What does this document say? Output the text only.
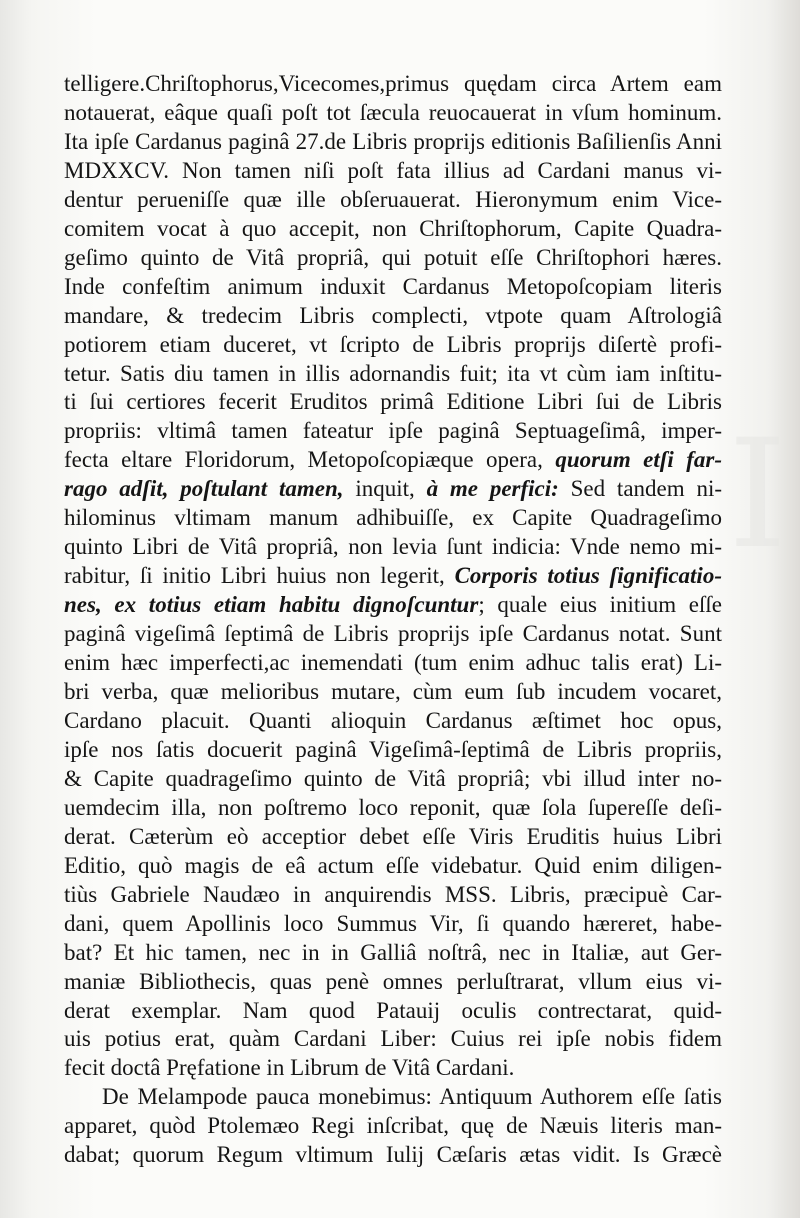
I
telligere.Chriſtophorus,Vicecomes,primus quędam circa Artem eam
notauerat, eâque quaſi poſt tot ſæcula reuocauerat in vſum hominum.
Ita ipſe Cardanus paginâ 27.de Libris proprijs editionis Baſilienſis Anni
MDXXCV. Non tamen niſi poſt fata illius ad Cardani manus vi-
dentur perueniſſe quæ ille obſeruauerat. Hieronymum enim Vice-
comitem vocat à quo accepit, non Chriſtophorum, Capite Quadra-
geſimo quinto de Vitâ propriâ, qui potuit eſſe Chriſtophori hæres.
Inde confeſtim animum induxit Cardanus Metopoſcopiam literis
mandare, & tredecim Libris complecti, vtpote quam Aſtrologiâ
potiorem etiam duceret, vt ſcripto de Libris proprijs diſertè profi-
tetur. Satis diu tamen in illis adornandis fuit; ita vt cùm iam inſtitu-
ti ſui certiores fecerit Eruditos primâ Editione Libri ſui de Libris
propriis: vltimâ tamen fateatur ipſe paginâ Septuageſimâ, imper-
fecta eltare Floridorum, Metopoſcopiæque opera, quorum etſi far-
rago adſit, poſtulant tamen, inquit, à me perfici: Sed tandem ni-
hilominus vltimam manum adhibuiſſe, ex Capite Quadrageſimo
quinto Libri de Vitâ propriâ, non levia ſunt indicia: Vnde nemo mi-
rabitur, ſi initio Libri huius non legerit, Corporis totius ſignificatio-
nes, ex totius etiam habitu dignoſcuntur; quale eius initium eſſe
paginâ vigeſimâ ſeptimâ de Libris proprijs ipſe Cardanus notat. Sunt
enim hæc imperfecti,ac inemendati (tum enim adhuc talis erat) Li-
bri verba, quæ melioribus mutare, cùm eum ſub incudem vocaret,
Cardano placuit. Quanti alioquin Cardanus æſtimet hoc opus,
ipſe nos ſatis docuerit paginâ Vigeſimâ-ſeptimâ de Libris propriis,
& Capite quadrageſimo quinto de Vitâ propriâ; vbi illud inter no-
uemdecim illa, non poſtremo loco reponit, quæ ſola ſupereſſe deſi-
derat. Cæterùm eò acceptior debet eſſe Viris Eruditis huius Libri
Editio, quò magis de eâ actum eſſe videbatur. Quid enim diligen-
tiùs Gabriele Naudæo in anquirendis MSS. Libris, præcipuè Car-
dani, quem Apollinis loco Summus Vir, ſi quando hæreret, habe-
bat? Et hic tamen, nec in in Galliâ noſtrâ, nec in Italiæ, aut Ger-
maniæ Bibliothecis, quas penè omnes perluſtrarat, vllum eius vi-
derat exemplar. Nam quod Patauij oculis contrectarat, quid-
uis potius erat, quàm Cardani Liber: Cuius rei ipſe nobis fidem
fecit doctâ Pręfatione in Librum de Vitâ Cardani.
De Melampode pauca monebimus: Antiquum Authorem eſſe ſatis
apparet, quòd Ptolemæo Regi inſcribat, quę de Næuis literis man-
dabat; quorum Regum vltimum Iulij Cæſaris ætas vidit. Is Græcè
